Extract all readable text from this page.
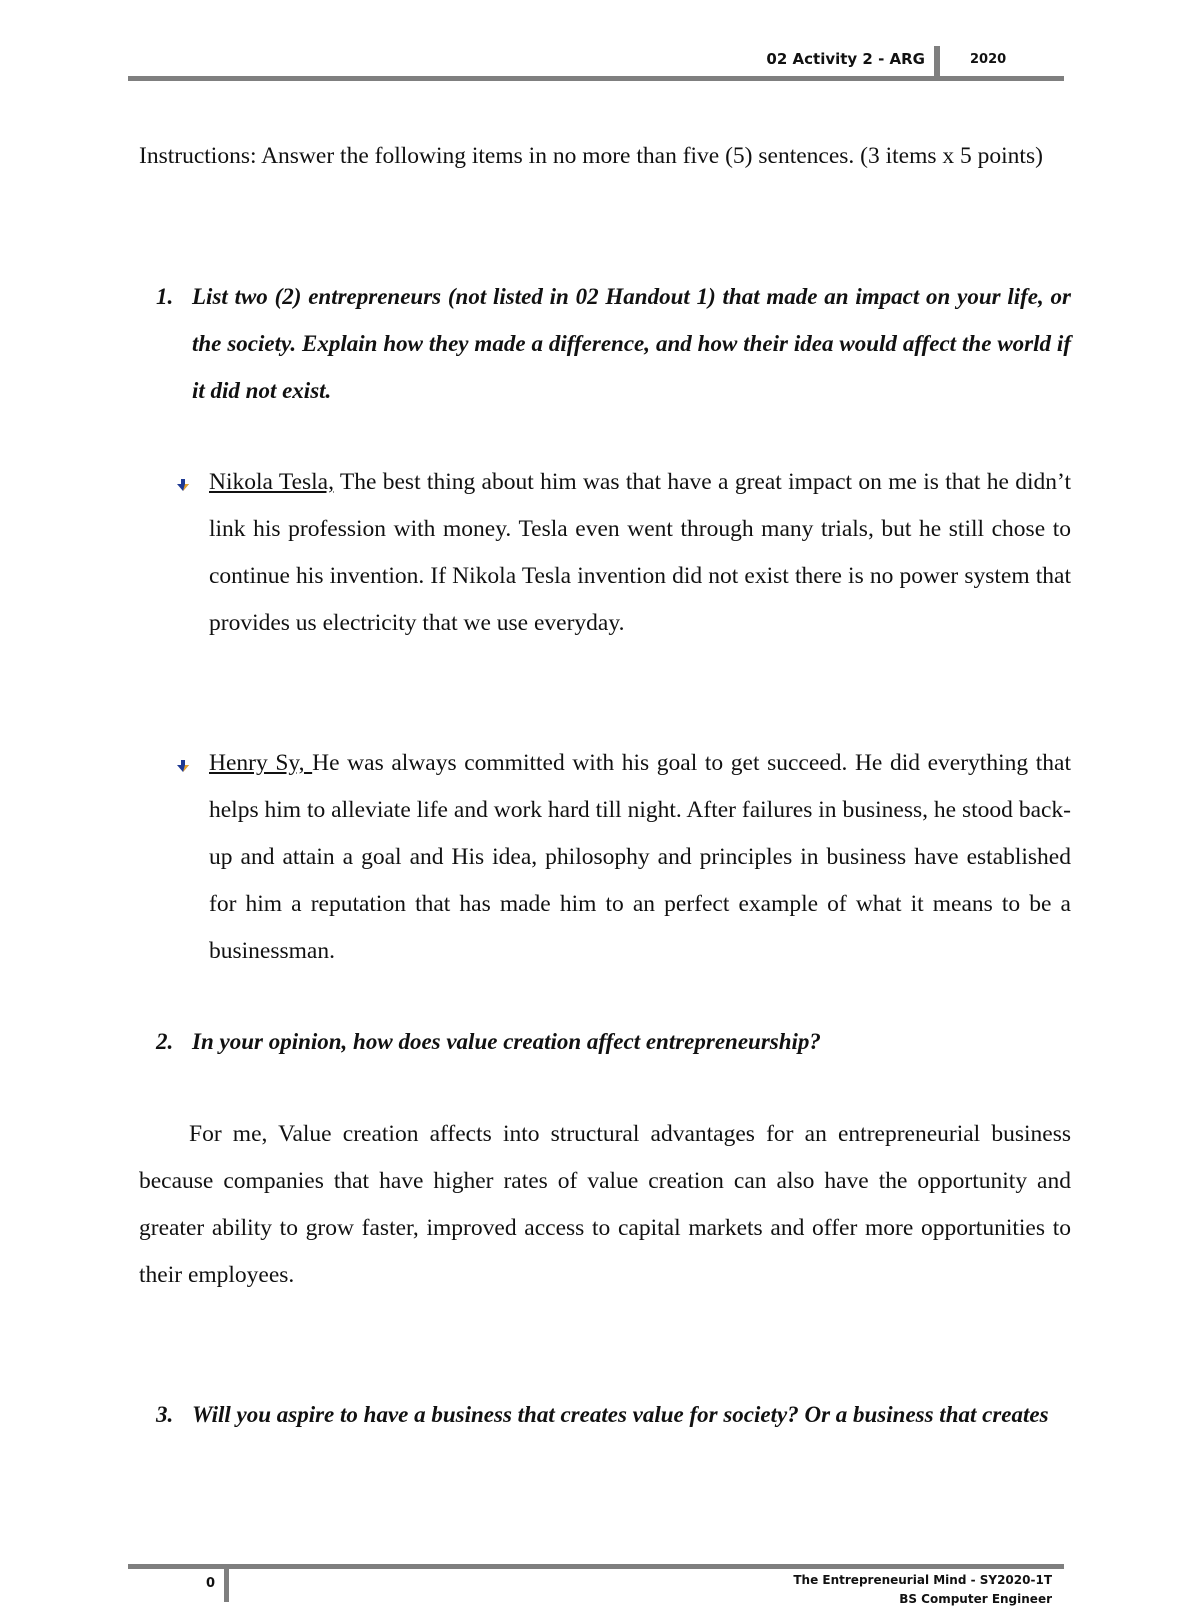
02 Activity 2 - ARG	2020
Instructions: Answer the following items in no more than five (5) sentences. (3 items x 5 points)
1. List two (2) entrepreneurs (not listed in 02 Handout 1) that made an impact on your life, or the society. Explain how they made a difference, and how their idea would affect the world if it did not exist.
Nikola Tesla, The best thing about him was that have a great impact on me is that he didn’t link his profession with money. Tesla even went through many trials, but he still chose to continue his invention. If Nikola Tesla invention did not exist there is no power system that provides us electricity that we use everyday.
Henry Sy, He was always committed with his goal to get succeed. He did everything that helps him to alleviate life and work hard till night. After failures in business, he stood back-up and attain a goal and His idea, philosophy and principles in business have established for him a reputation that has made him to an perfect example of what it means to be a businessman.
2. In your opinion, how does value creation affect entrepreneurship?
For me, Value creation affects into structural advantages for an entrepreneurial business because companies that have higher rates of value creation can also have the opportunity and greater ability to grow faster, improved access to capital markets and offer more opportunities to their employees.
3. Will you aspire to have a business that creates value for society? Or a business that creates
0	The Entrepreneurial Mind - SY2020-1T
BS Computer Engineer
